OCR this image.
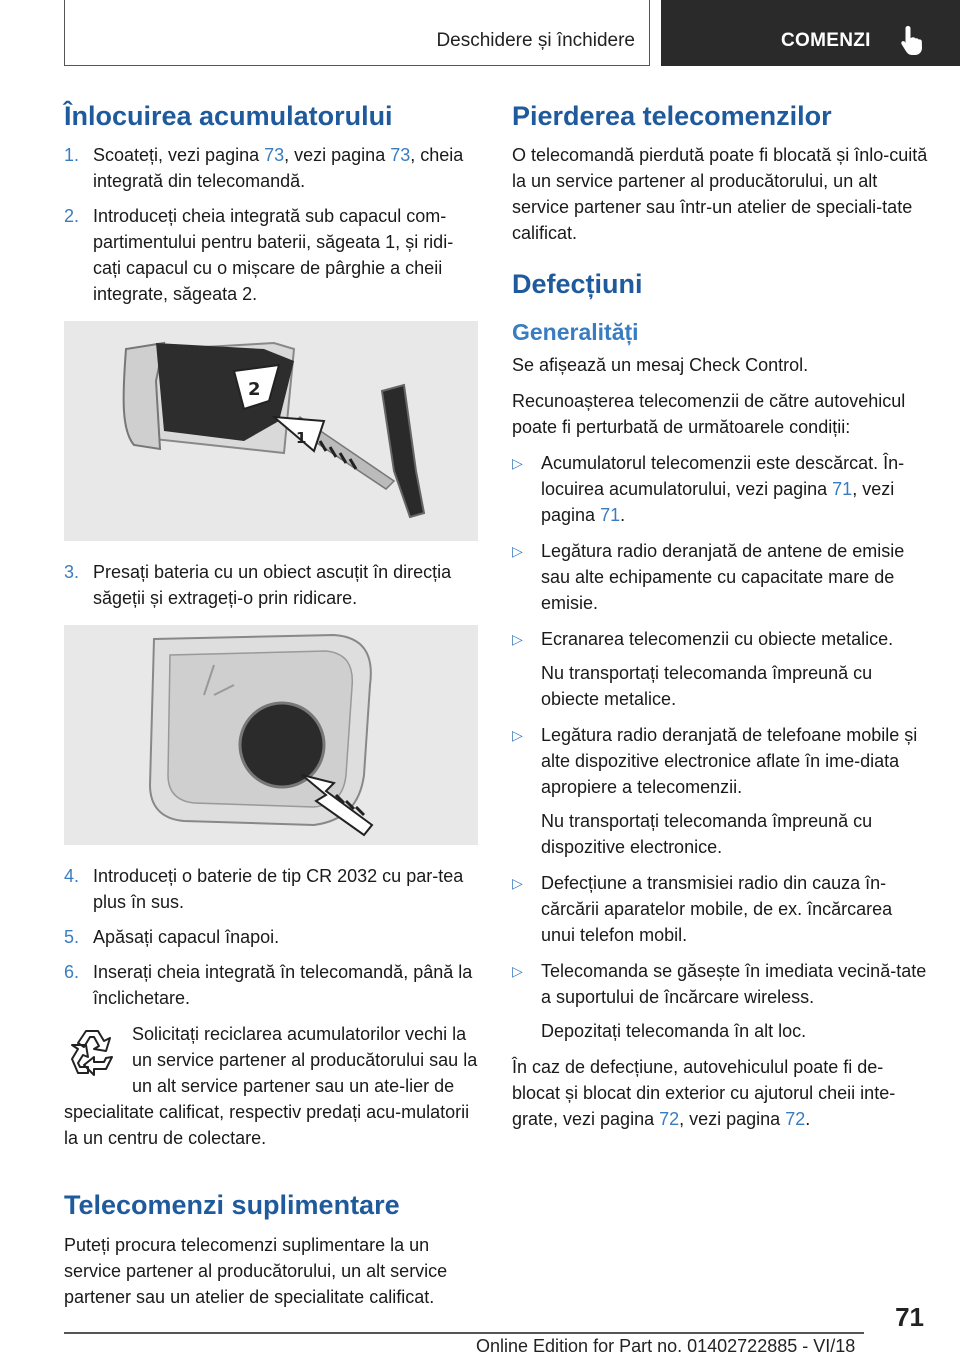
Deschidere și închidere	COMENZI
Înlocuirea acumulatorului
1. Scoateți, vezi pagina 73, vezi pagina 73, cheia integrată din telecomandă.
2. Introduceți cheia integrată sub capacul com-partimentului pentru baterii, săgeata 1, și ridi-cați capacul cu o mișcare de pârghie a cheii integrate, săgeata 2.
2
1
3. Presați bateria cu un obiect ascuțit în direcția săgeții și extrageți-o prin ridicare.
4. Introduceți o baterie de tip CR 2032 cu par-tea plus în sus.
5. Apăsați capacul înapoi.
6. Inserați cheia integrată în telecomandă, până la înclichetare.
Solicitați reciclarea acumulatorilor vechi la un service partener al producătorului sau la un alt service partener sau un ate-lier de specialitate calificat, respectiv predați acu-mulatorii la un centru de colectare.
Telecomenzi suplimentare

Puteți procura telecomenzi suplimentare la un service partener al producătorului, un alt service partener sau un atelier de specialitate calificat.

Pierderea telecomenzilor

O telecomandă pierdută poate fi blocată și înlo-cuită la un service partener al producătorului, un alt service partener sau într-un atelier de speciali-tate calificat.

Defecțiuni
Generalități

Se afișează un mesaj Check Control.

Recunoașterea telecomenzii de către autovehicul poate fi perturbată de următoarele condiții:

▷ Acumulatorul telecomenzii este descărcat. În-locuirea acumulatorului, vezi pagina 71, vezi pagina 71.
▷ Legătura radio deranjată de antene de emisie sau alte echipamente cu capacitate mare de emisie.
▷ Ecranarea telecomenzii cu obiecte metalice.
Nu transportați telecomanda împreună cu obiecte metalice.
▷ Legătura radio deranjată de telefoane mobile și alte dispozitive electronice aflate în ime-diata apropiere a telecomenzii.
Nu transportați telecomanda împreună cu dispozitive electronice.
▷ Defecțiune a transmisiei radio din cauza în-cărcării aparatelor mobile, de ex. încărcarea unui telefon mobil.
▷ Telecomanda se găsește în imediata vecină-tate a suportului de încărcare wireless.
Depozitați telecomanda în alt loc.

În caz de defecțiune, autovehiculul poate fi de-blocat și blocat din exterior cu ajutorul cheii inte-grate, vezi pagina 72, vezi pagina 72.

71
Online Edition for Part no. 01402722885 - VI/18
